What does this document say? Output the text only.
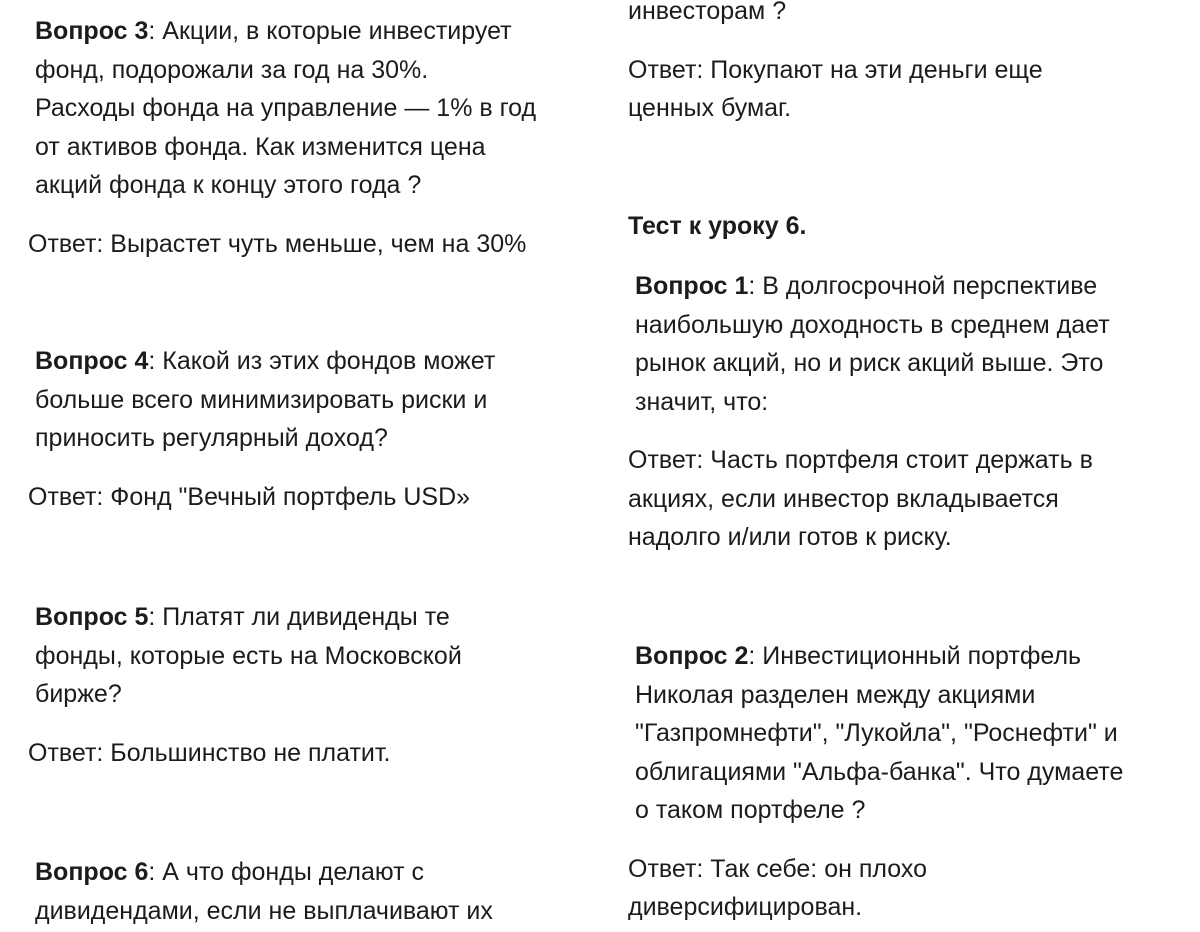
Вопрос 3: Акции, в которые инвестирует
фонд, подорожали за год на 30%.
Расходы фонда на управление — 1% в год
от активов фонда. Как изменится цена
акций фонда к концу этого года ?

Ответ: Вырастет чуть меньше, чем на 30%

Вопрос 4: Какой из этих фондов может
больше всего минимизировать риски и
приносить регулярный доход?

Ответ: Фонд "Вечный портфель USD»

Вопрос 5: Платят ли дивиденды те
фонды, которые есть на Московской
бирже?

Ответ: Большинство не платит.

Вопрос 6: А что фонды делают с
дивидендами, если не выплачивают их

инвесторам ?

Ответ: Покупают на эти деньги еще
ценных бумаг.

Тест к уроку 6.

Вопрос 1: В долгосрочной перспективе
наибольшую доходность в среднем дает
рынок акций, но и риск акций выше. Это
значит, что:

Ответ: Часть портфеля стоит держать в
акциях, если инвестор вкладывается
надолго и/или готов к риску.

Вопрос 2: Инвестиционный портфель
Николая разделен между акциями
"Газпромнефти", "Лукойла", "Роснефти" и
облигациями "Альфа-банка". Что думаете
о таком портфеле ?

Ответ: Так себе: он плохо
диверсифицирован.
